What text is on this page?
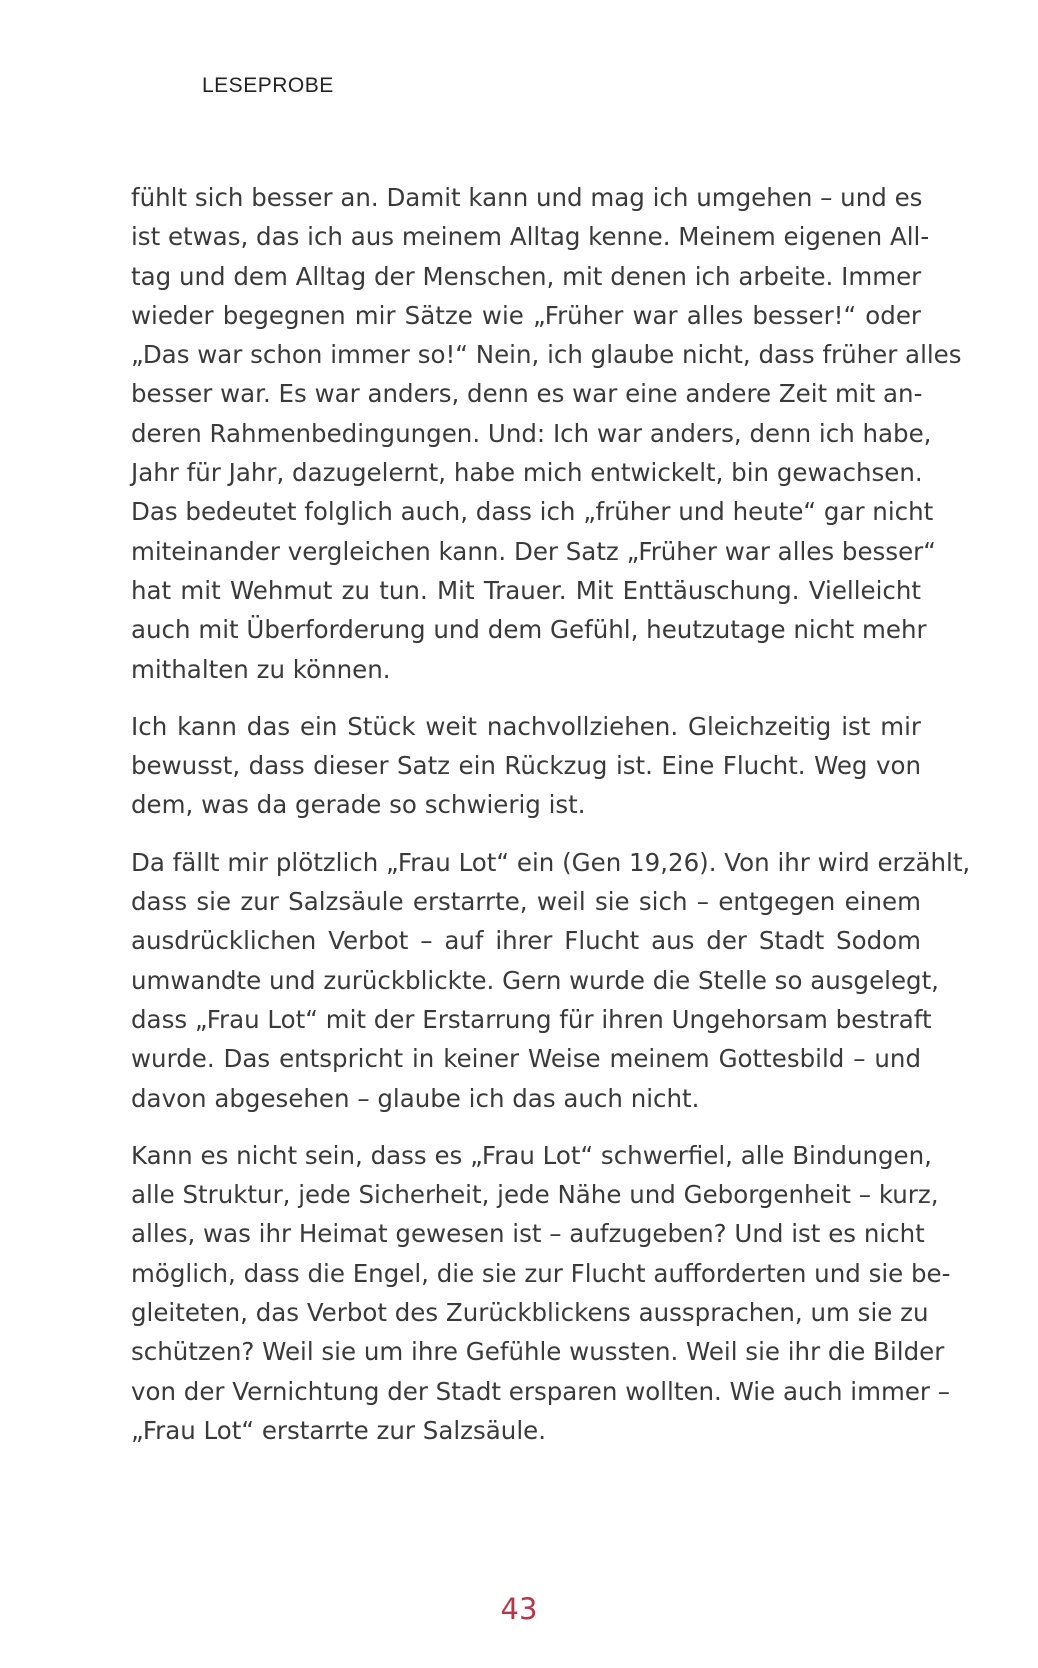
LESEPROBE
fühlt sich besser an. Damit kann und mag ich umgehen – und es
ist etwas, das ich aus meinem Alltag kenne. Meinem eigenen All-
tag und dem Alltag der Menschen, mit denen ich arbeite. Immer
wieder begegnen mir Sätze wie „Früher war alles besser!“ oder
„Das war schon immer so!“ Nein, ich glaube nicht, dass früher alles
besser war. Es war anders, denn es war eine andere Zeit mit an-
deren Rahmenbedingungen. Und: Ich war anders, denn ich habe,
Jahr für Jahr, dazugelernt, habe mich entwickelt, bin gewachsen.
Das bedeutet folglich auch, dass ich „früher und heute“ gar nicht
miteinander vergleichen kann. Der Satz „Früher war alles besser“
hat mit Wehmut zu tun. Mit Trauer. Mit Enttäuschung. Vielleicht
auch mit Überforderung und dem Gefühl, heutzutage nicht mehr
mithalten zu können.
Ich kann das ein Stück weit nachvollziehen. Gleichzeitig ist mir
bewusst, dass dieser Satz ein Rückzug ist. Eine Flucht. Weg von
dem, was da gerade so schwierig ist.
Da fällt mir plötzlich „Frau Lot“ ein (Gen 19,26). Von ihr wird erzählt,
dass sie zur Salzsäule erstarrte, weil sie sich – entgegen einem
ausdrücklichen Verbot – auf ihrer Flucht aus der Stadt Sodom
umwandte und zurückblickte. Gern wurde die Stelle so ausgelegt,
dass „Frau Lot“ mit der Erstarrung für ihren Ungehorsam bestraft
wurde. Das entspricht in keiner Weise meinem Gottesbild – und
davon abgesehen – glaube ich das auch nicht.
Kann es nicht sein, dass es „Frau Lot“ schwerfiel, alle Bindungen,
alle Struktur, jede Sicherheit, jede Nähe und Geborgenheit – kurz,
alles, was ihr Heimat gewesen ist – aufzugeben? Und ist es nicht
möglich, dass die Engel, die sie zur Flucht aufforderten und sie be-
gleiteten, das Verbot des Zurückblickens aussprachen, um sie zu
schützen? Weil sie um ihre Gefühle wussten. Weil sie ihr die Bilder
von der Vernichtung der Stadt ersparen wollten. Wie auch immer –
„Frau Lot“ erstarrte zur Salzsäule.
43
